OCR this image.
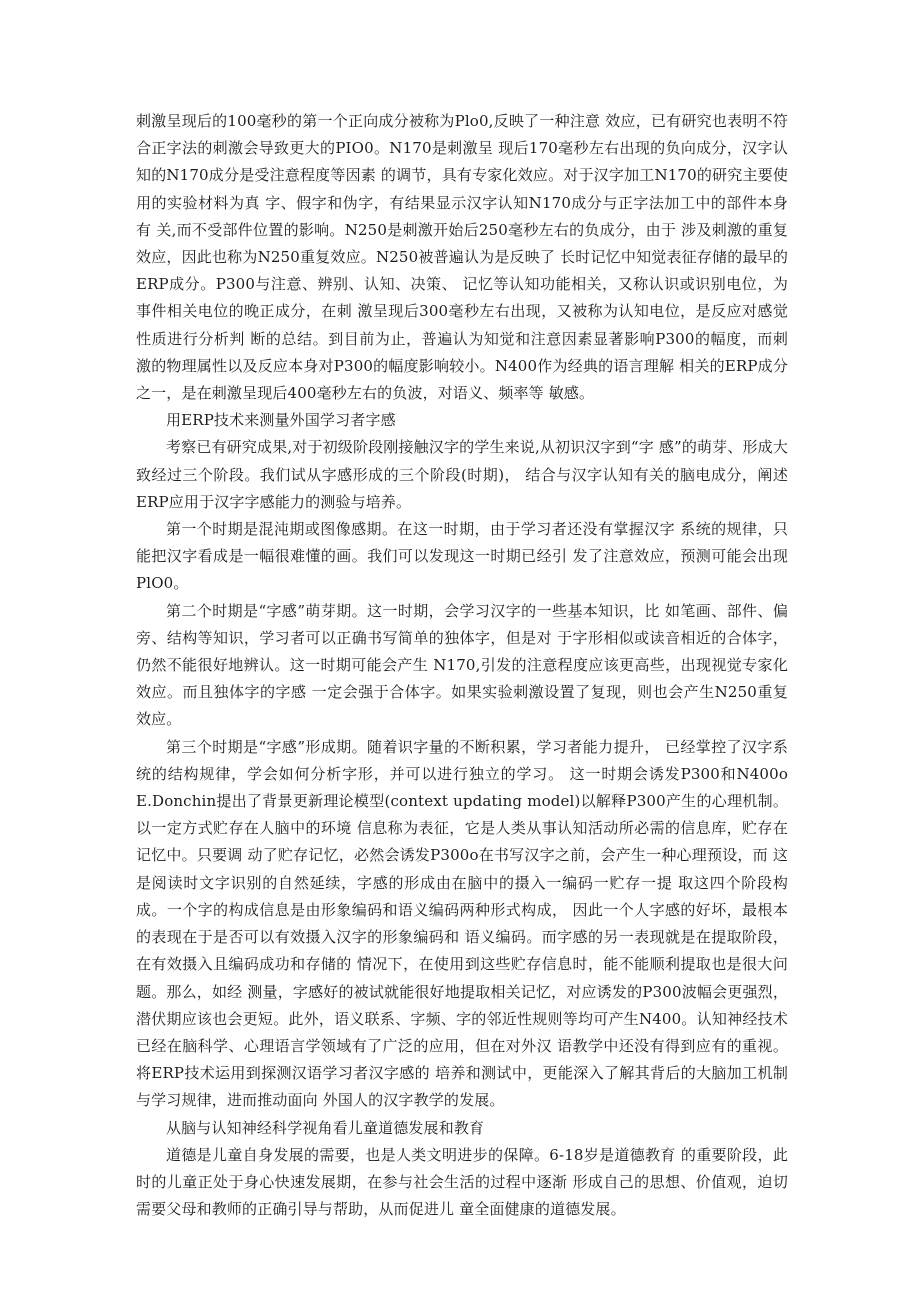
刺激呈现后的100毫秒的第一个正向成分被称为Plo0,反映了一种注意 效应，已有研究也表明不符合正字法的刺激会导致更大的PIO0。N170是刺激呈 现后170毫秒左右出现的负向成分，汉字认知的N170成分是受注意程度等因素 的调节，具有专家化效应。对于汉字加工N170的研究主要使用的实验材料为真 字、假字和伪字，有结果显示汉字认知N170成分与正字法加工中的部件本身有 关,而不受部件位置的影响。N250是刺激开始后250毫秒左右的负成分，由于 涉及刺激的重复效应，因此也称为N250重复效应。N250被普遍认为是反映了 长时记忆中知觉表征存储的最早的ERP成分。P300与注意、辨别、认知、决策、 记忆等认知功能相关，又称认识或识别电位，为事件相关电位的晚正成分，在刺 激呈现后300毫秒左右出现，又被称为认知电位，是反应对感觉性质进行分析判 断的总结。到目前为止，普遍认为知觉和注意因素显著影响P300的幅度，而刺 激的物理属性以及反应本身对P300的幅度影响较小。N400作为经典的语言理解 相关的ERP成分之一，是在刺激呈现后400毫秒左右的负波，对语义、频率等 敏感。

用ERP技术来测量外国学习者字感

考察已有研究成果,对于初级阶段刚接触汉字的学生来说,从初识汉字到“字 感”的萌芽、形成大致经过三个阶段。我们试从字感形成的三个阶段(时期)， 结合与汉字认知有关的脑电成分，阐述ERP应用于汉字字感能力的测验与培养。

第一个时期是混沌期或图像感期。在这一时期，由于学习者还没有掌握汉字 系统的规律，只能把汉字看成是一幅很难懂的画。我们可以发现这一时期已经引 发了注意效应，预测可能会出现PlO0。

第二个时期是“字感”萌芽期。这一时期，会学习汉字的一些基本知识，比 如笔画、部件、偏旁、结构等知识，学习者可以正确书写简单的独体字，但是对 于字形相似或读音相近的合体字，仍然不能很好地辨认。这一时期可能会产生 N170,引发的注意程度应该更高些，出现视觉专家化效应。而且独体字的字感 一定会强于合体字。如果实验刺激设置了复现，则也会产生N250重复效应。

第三个时期是“字感”形成期。随着识字量的不断积累，学习者能力提升， 已经掌控了汉字系统的结构规律，学会如何分析字形，并可以进行独立的学习。 这一时期会诱发P300和N400o E.Donchin提出了背景更新理论模型(context updating model)以解释P300产生的心理机制。以一定方式贮存在人脑中的环境 信息称为表征，它是人类从事认知活动所必需的信息库，贮存在记忆中。只要调 动了贮存记忆，必然会诱发P300o在书写汉字之前，会产生一种心理预设，而 这是阅读时文字识别的自然延续，字感的形成由在脑中的摄入一编码一贮存一提 取这四个阶段构成。一个字的构成信息是由形象编码和语义编码两种形式构成， 因此一个人字感的好坏，最根本的表现在于是否可以有效摄入汉字的形象编码和 语义编码。而字感的另一表现就是在提取阶段，在有效摄入且编码成功和存储的 情况下，在使用到这些贮存信息时，能不能顺利提取也是很大问题。那么，如经 测量，字感好的被试就能很好地提取相关记忆，对应诱发的P300波幅会更强烈，潜伏期应该也会更短。此外，语义联系、字频、字的邻近性规则等均可产生N400。认知神经技术已经在脑科学、心理语言学领域有了广泛的应用，但在对外汉 语教学中还没有得到应有的重视。将ERP技术运用到探测汉语学习者汉字感的 培养和测试中，更能深入了解其背后的大脑加工机制与学习规律，进而推动面向 外国人的汉字教学的发展。

从脑与认知神经科学视角看儿童道德发展和教育

道德是儿童自身发展的需要，也是人类文明进步的保障。6-18岁是道德教育 的重要阶段，此时的儿童正处于身心快速发展期，在参与社会生活的过程中逐渐 形成自己的思想、价值观，迫切需要父母和教师的正确引导与帮助，从而促进儿 童全面健康的道德发展。
